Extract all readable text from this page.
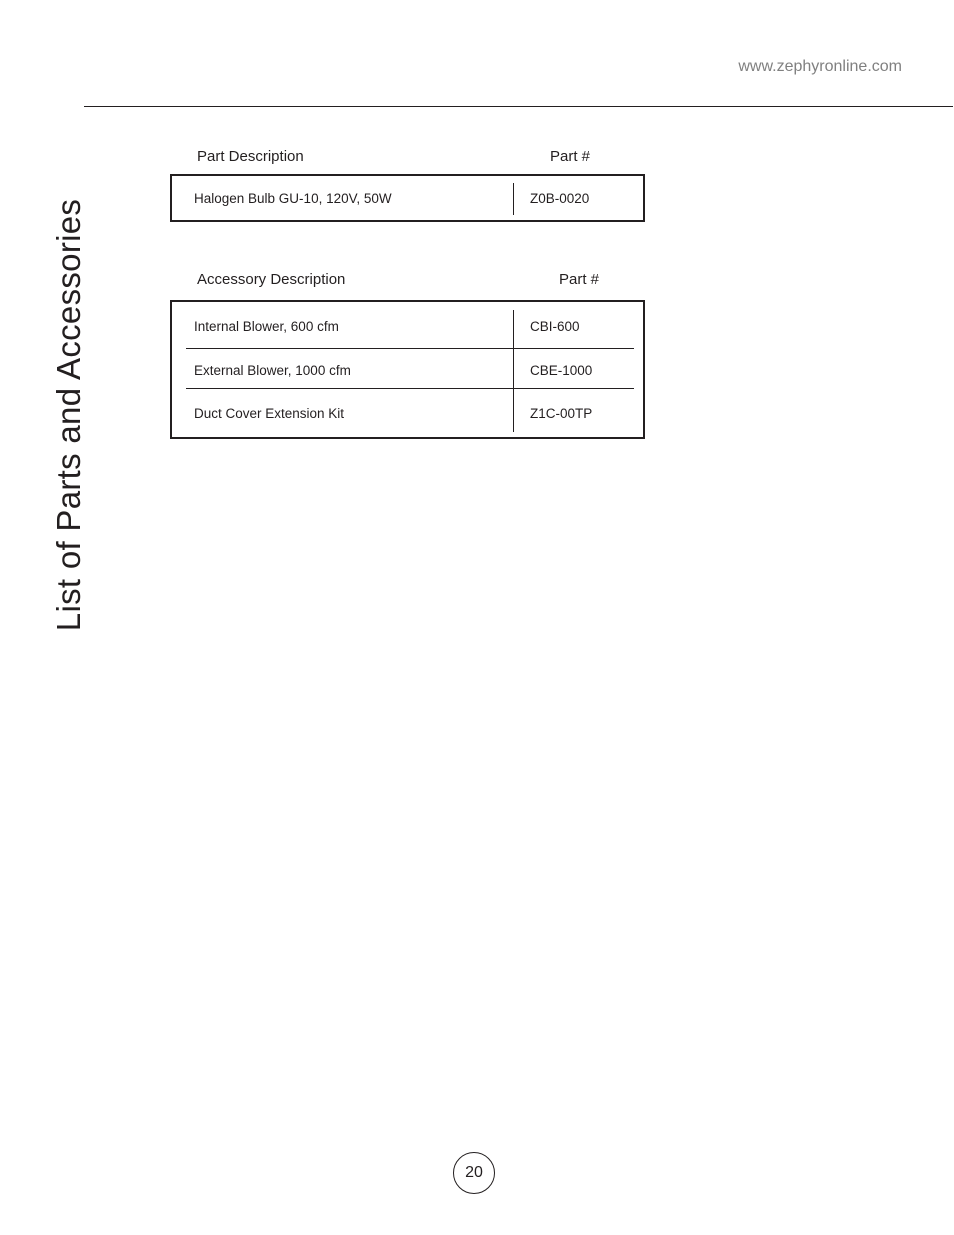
www.zephyronline.com
List of Parts and Accessories
Part Description	Part #
Halogen Bulb GU-10, 120V, 50W	Z0B-0020
Accessory Description	Part #
Internal Blower, 600 cfm	CBI-600
External Blower, 1000 cfm	CBE-1000
Duct Cover Extension Kit	Z1C-00TP
20
